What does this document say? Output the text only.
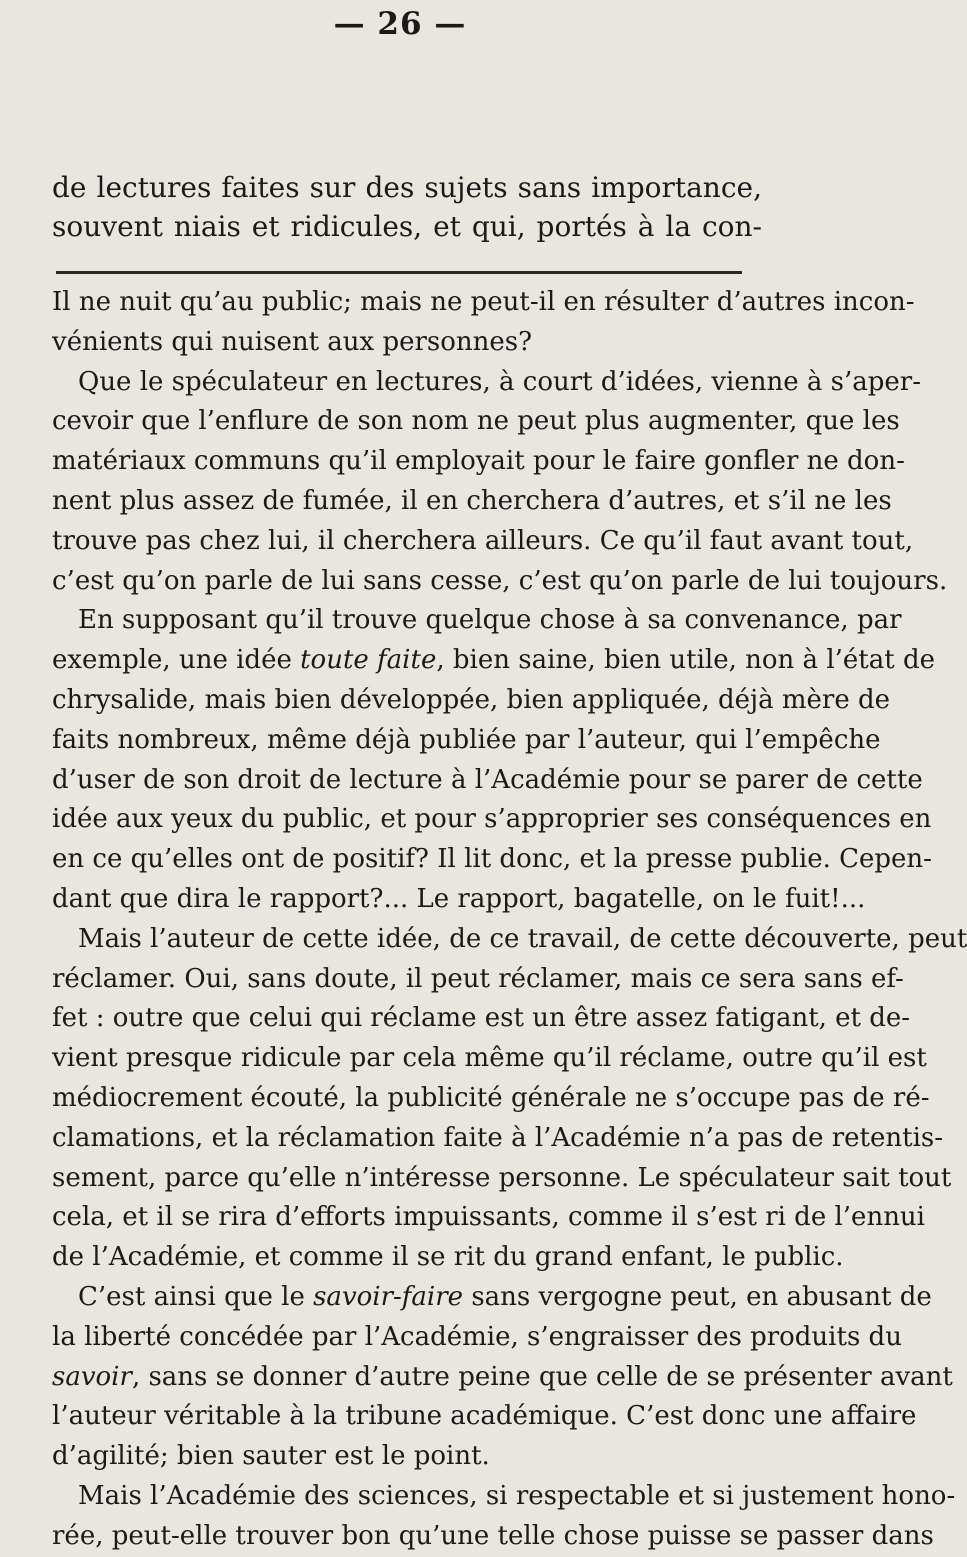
— 26 —
de lectures faites sur des sujets sans importance,
souvent niais et ridicules, et qui, portés à la con-
Il ne nuit qu’au public; mais ne peut-il en résulter d’autres incon-
vénients qui nuisent aux personnes?
Que le spéculateur en lectures, à court d’idées, vienne à s’aper-
cevoir que l’enflure de son nom ne peut plus augmenter, que les
matériaux communs qu’il employait pour le faire gonfler ne don-
nent plus assez de fumée, il en cherchera d’autres, et s’il ne les
trouve pas chez lui, il cherchera ailleurs. Ce qu’il faut avant tout,
c’est qu’on parle de lui sans cesse, c’est qu’on parle de lui toujours.
En supposant qu’il trouve quelque chose à sa convenance, par
exemple, une idée toute faite, bien saine, bien utile, non à l’état de
chrysalide, mais bien développée, bien appliquée, déjà mère de
faits nombreux, même déjà publiée par l’auteur, qui l’empêche
d’user de son droit de lecture à l’Académie pour se parer de cette
idée aux yeux du public, et pour s’approprier ses conséquences en
en ce qu’elles ont de positif? Il lit donc, et la presse publie. Cepen-
dant que dira le rapport?... Le rapport, bagatelle, on le fuit!...
Mais l’auteur de cette idée, de ce travail, de cette découverte, peut
réclamer. Oui, sans doute, il peut réclamer, mais ce sera sans ef-
fet : outre que celui qui réclame est un être assez fatigant, et de-
vient presque ridicule par cela même qu’il réclame, outre qu’il est
médiocrement écouté, la publicité générale ne s’occupe pas de ré-
clamations, et la réclamation faite à l’Académie n’a pas de retentis-
sement, parce qu’elle n’intéresse personne. Le spéculateur sait tout
cela, et il se rira d’efforts impuissants, comme il s’est ri de l’ennui
de l’Académie, et comme il se rit du grand enfant, le public.
C’est ainsi que le savoir-faire sans vergogne peut, en abusant de
la liberté concédée par l’Académie, s’engraisser des produits du
savoir, sans se donner d’autre peine que celle de se présenter avant
l’auteur véritable à la tribune académique. C’est donc une affaire
d’agilité; bien sauter est le point.
Mais l’Académie des sciences, si respectable et si justement hono-
rée, peut-elle trouver bon qu’une telle chose puisse se passer dans
